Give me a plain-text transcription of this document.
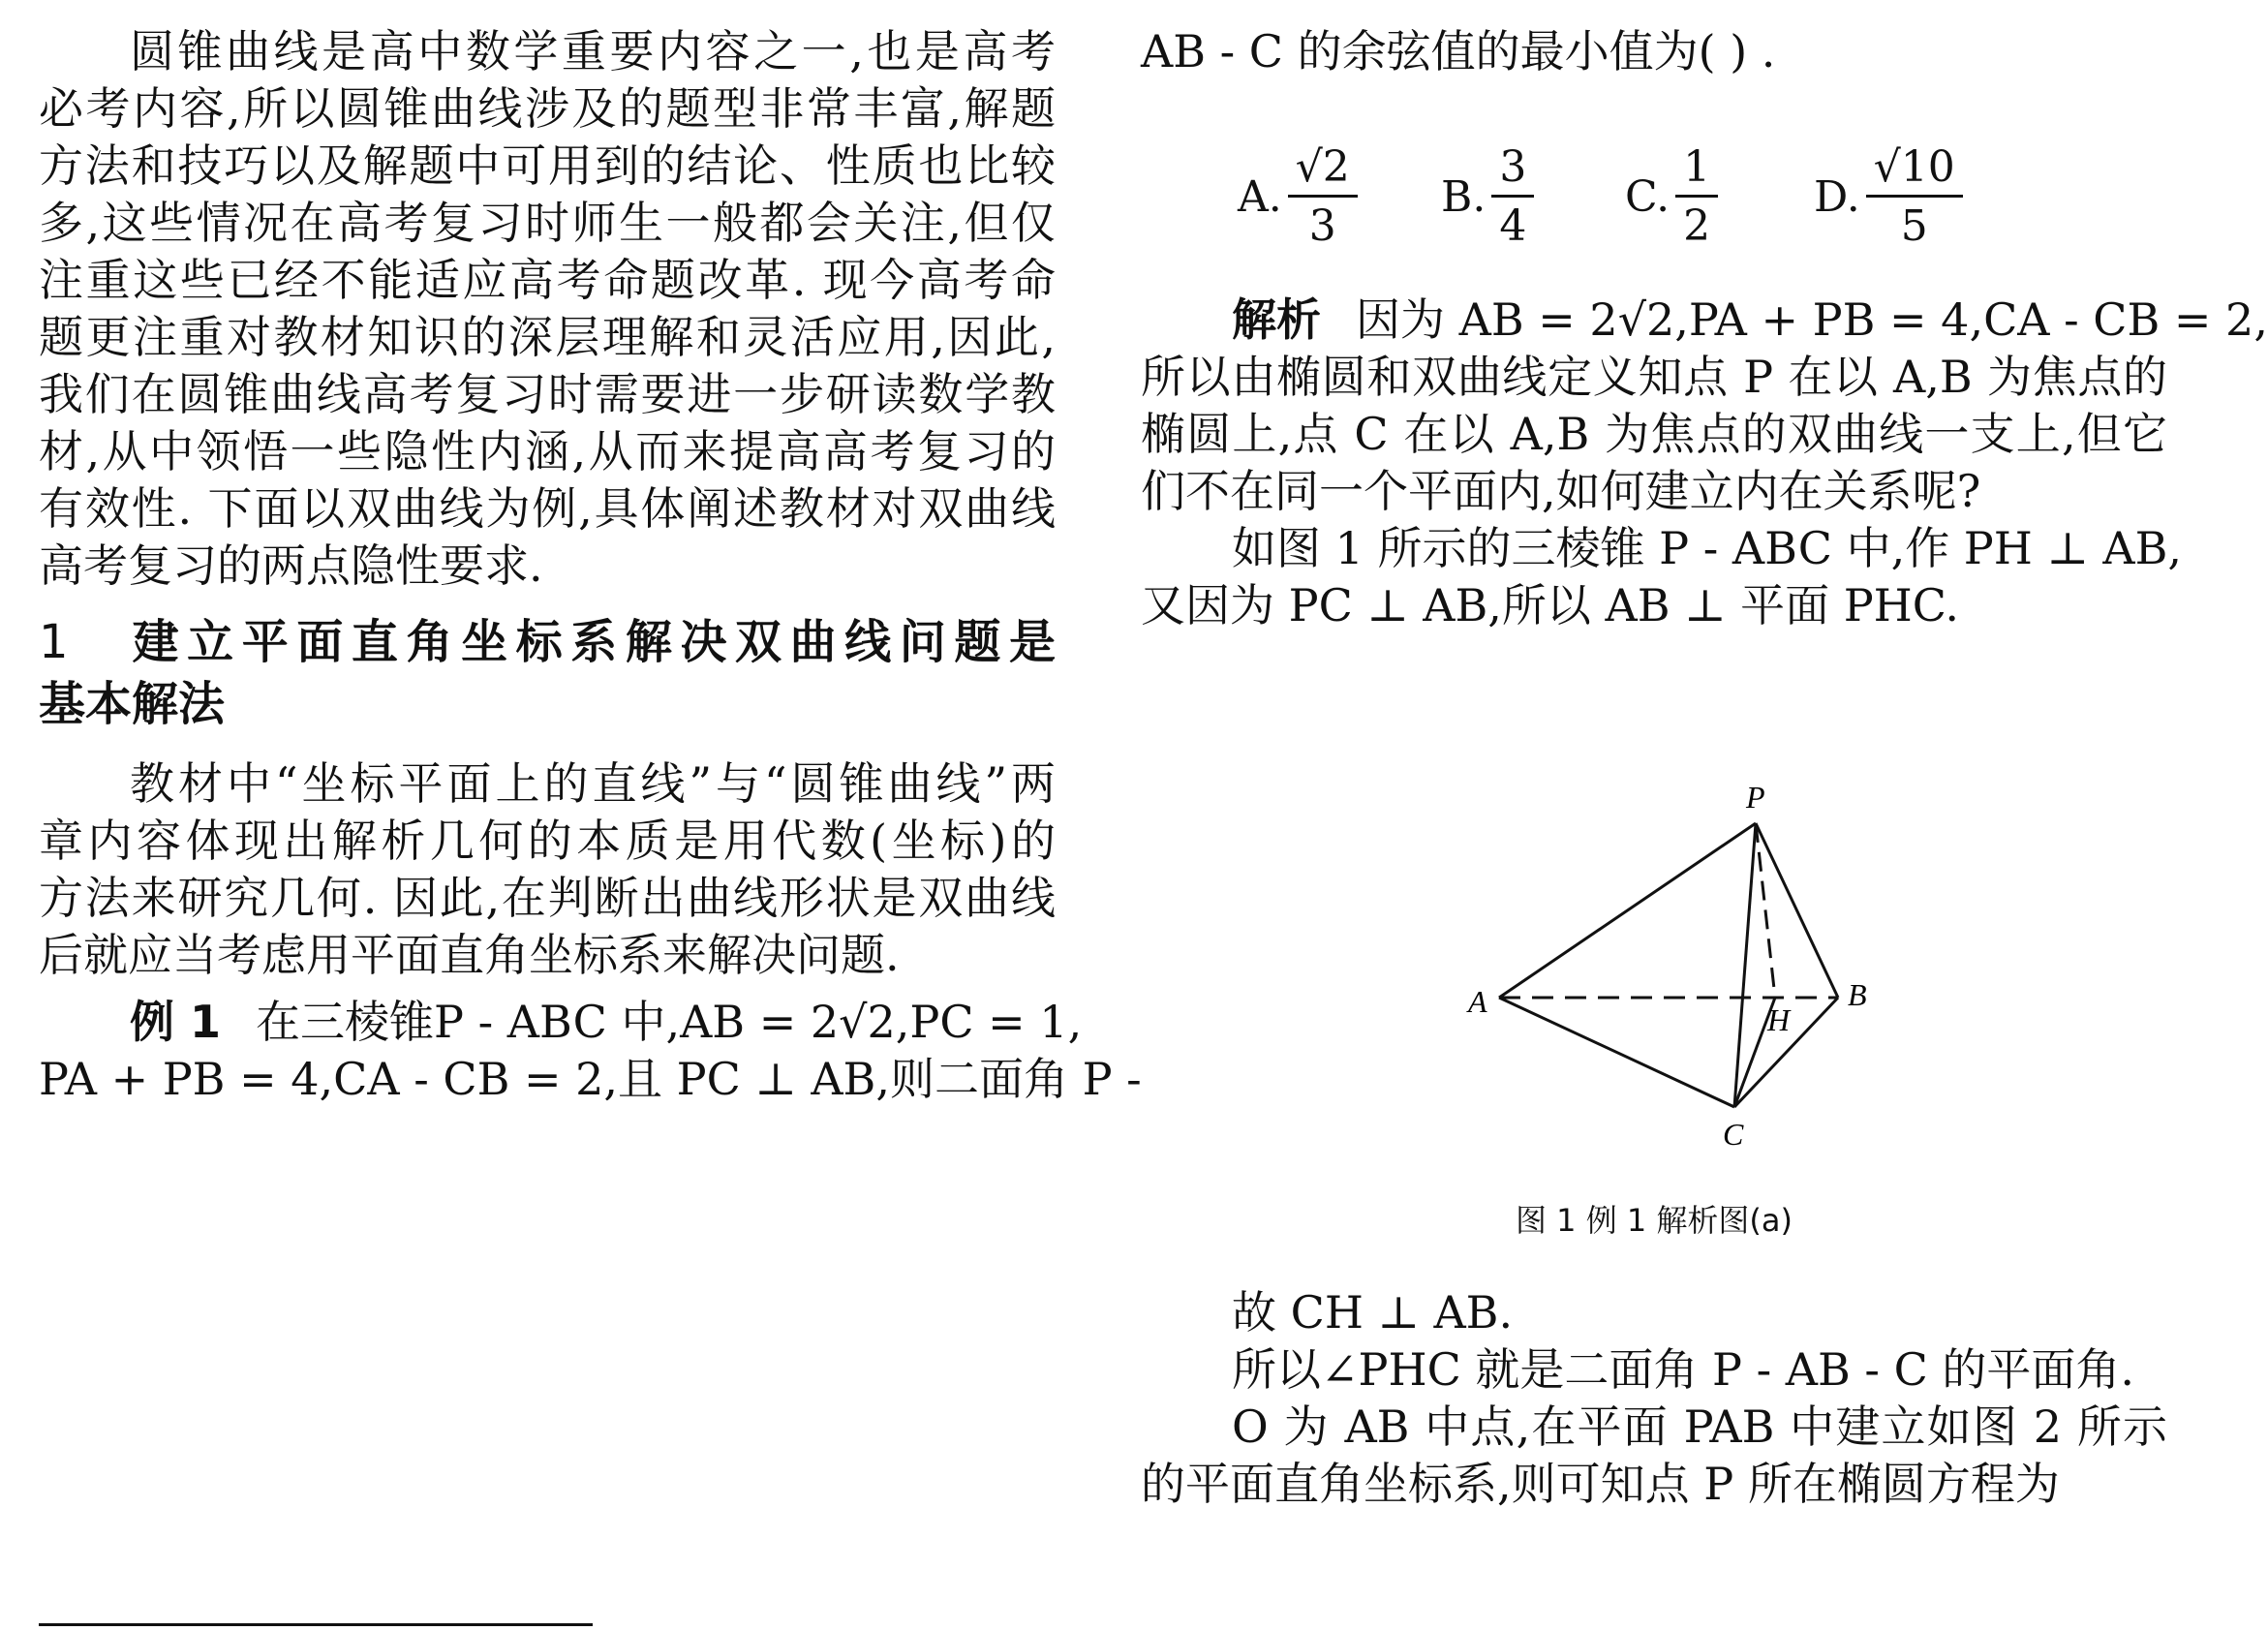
圆锥曲线是高中数学重要内容之一,也是高考
必考内容,所以圆锥曲线涉及的题型非常丰富,解题
方法和技巧以及解题中可用到的结论、性质也比较
多,这些情况在高考复习时师生一般都会关注,但仅
注重这些已经不能适应高考命题改革. 现今高考命
题更注重对教材知识的深层理解和灵活应用,因此,
我们在圆锥曲线高考复习时需要进一步研读数学教
材,从中领悟一些隐性内涵,从而来提高高考复习的
有效性. 下面以双曲线为例,具体阐述教材对双曲线
高考复习的两点隐性要求.
1 建立平面直角坐标系解决双曲线问题是
基本解法
教材中“坐标平面上的直线”与“圆锥曲线”两
章内容体现出解析几何的本质是用代数(坐标)的
方法来研究几何. 因此,在判断出曲线形状是双曲线
后就应当考虑用平面直角坐标系来解决问题.
例 1 在三棱锥P - ABC 中,AB = 2√2,PC = 1,
PA + PB = 4,CA - CB = 2,且 PC ⊥ AB,则二面角 P -
AB - C 的余弦值的最小值为( ) .
A. $\frac{√2}{3} B$. $\frac{3}{4} C$. $\frac{1}{2} D$. $\frac{√10}{5}$
解析 因为 AB = 2√2,PA + PB = 4,CA - CB = 2,
所以由椭圆和双曲线定义知点 P 在以 A,B 为焦点的
椭圆上,点 C 在以 A,B 为焦点的双曲线一支上,但它
们不在同一个平面内,如何建立内在关系呢?
如图 1 所示的三棱锥 P - ABC 中,作 PH ⊥ AB,
又因为 PC ⊥ AB,所以 AB ⊥ 平面 PHC.
P
A	B
H
C
图 1 例 1 解析图(a)
故 CH ⊥ AB.
所以∠PHC 就是二面角 P - AB - C 的平面角.
O 为 AB 中点,在平面 PAB 中建立如图 2 所示
的平面直角坐标系,则可知点 P 所在椭圆方程为
